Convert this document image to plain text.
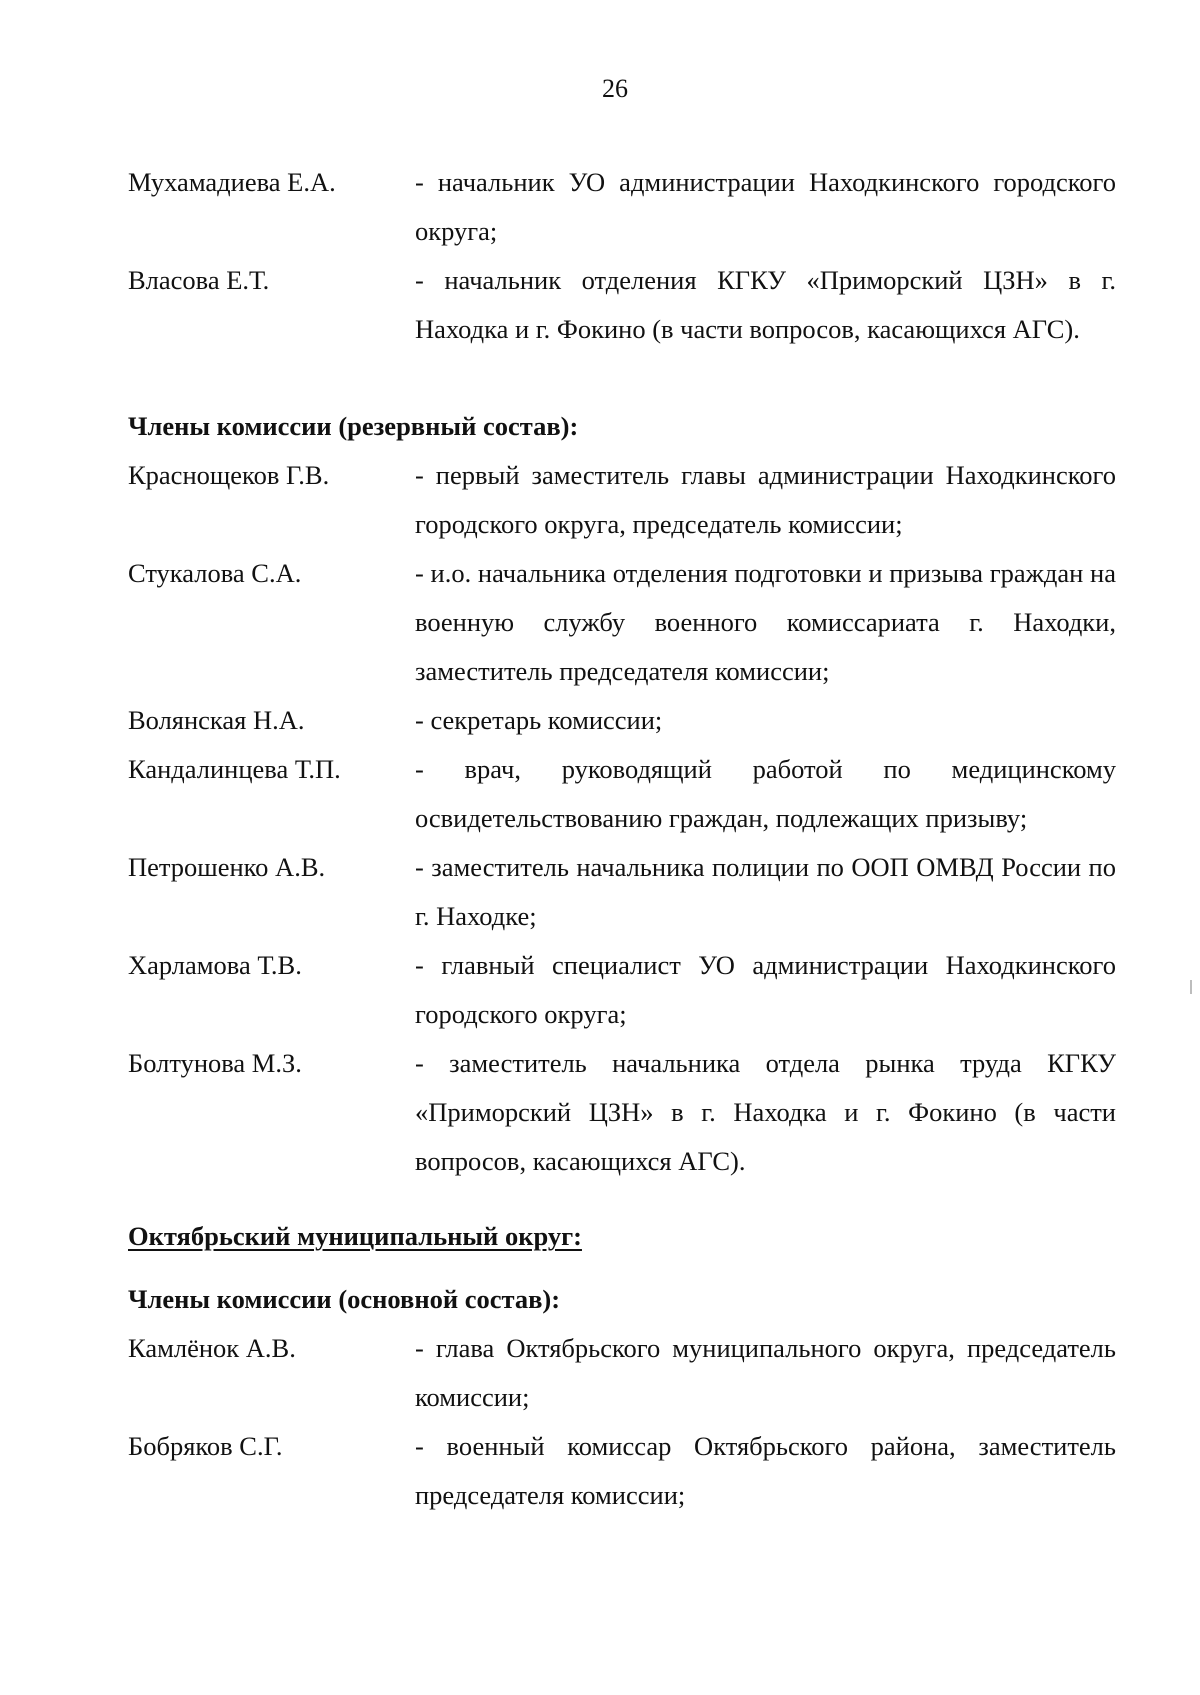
26
Мухамадиева Е.А.	- начальник УО администрации Находкинского городского округа;
Власова Е.Т.	- начальник отделения КГКУ «Приморский ЦЗН» в г. Находка и г. Фокино (в части вопросов, касающихся АГС).
Члены комиссии (резервный состав):
Краснощеков Г.В.	- первый заместитель главы администрации Находкинского городского округа, председатель комиссии;
Стукалова С.А.	- и.о. начальника отделения подготовки и призыва граждан на военную службу военного комиссариата г. Находки, заместитель председателя комиссии;
Волянская Н.А.	- секретарь комиссии;
Кандалинцева Т.П.	- врач, руководящий работой по медицинскому освидетельствованию граждан, подлежащих призыву;
Петрошенко А.В.	- заместитель начальника полиции по ООП ОМВД России по г. Находке;
Харламова Т.В.	- главный специалист УО администрации Находкинского городского округа;
Болтунова М.З.	- заместитель начальника отдела рынка труда КГКУ «Приморский ЦЗН» в г. Находка и г. Фокино (в части вопросов, касающихся АГС).
Октябрьский муниципальный округ:
Члены комиссии (основной состав):
Камлёнок А.В.	- глава Октябрьского муниципального округа, председатель комиссии;
Бобряков С.Г.	- военный комиссар Октябрьского района, заместитель председателя комиссии;
